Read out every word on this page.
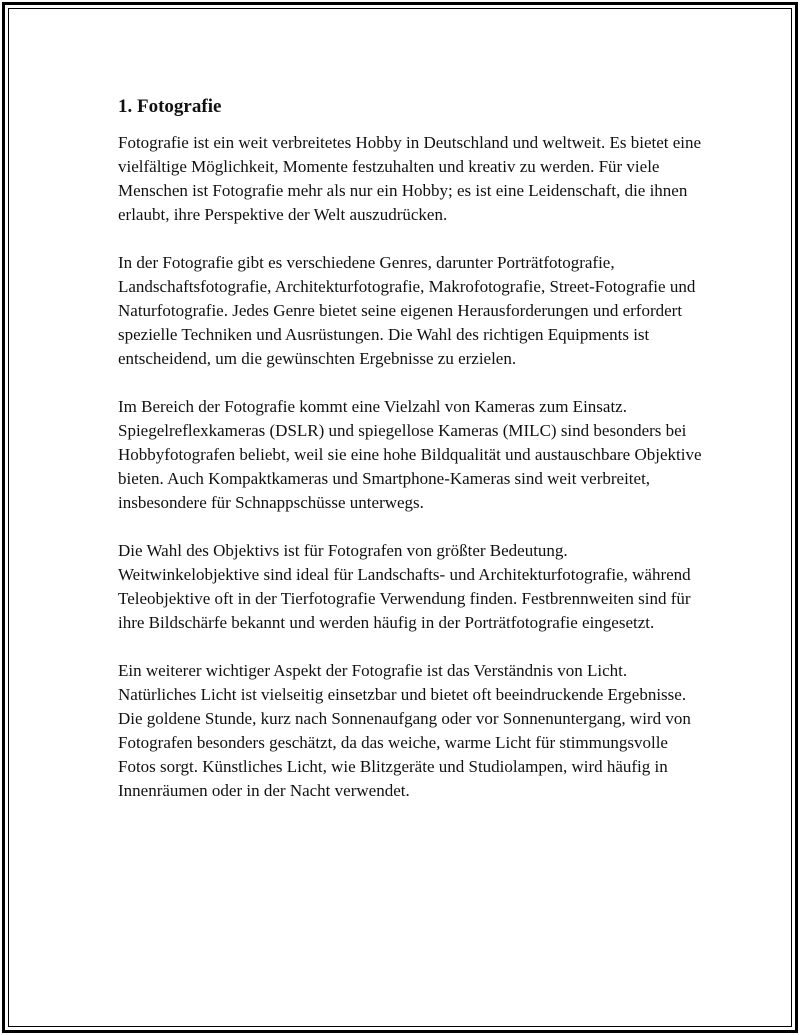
1. Fotografie

Fotografie ist ein weit verbreitetes Hobby in Deutschland und weltweit. Es bietet eine vielfältige Möglichkeit, Momente festzuhalten und kreativ zu werden. Für viele Menschen ist Fotografie mehr als nur ein Hobby; es ist eine Leidenschaft, die ihnen erlaubt, ihre Perspektive der Welt auszudrücken.

In der Fotografie gibt es verschiedene Genres, darunter Porträtfotografie, Landschaftsfotografie, Architekturfotografie, Makrofotografie, Street-Fotografie und Naturfotografie. Jedes Genre bietet seine eigenen Herausforderungen und erfordert spezielle Techniken und Ausrüstungen. Die Wahl des richtigen Equipments ist entscheidend, um die gewünschten Ergebnisse zu erzielen.

Im Bereich der Fotografie kommt eine Vielzahl von Kameras zum Einsatz. Spiegelreflexkameras (DSLR) und spiegellose Kameras (MILC) sind besonders bei Hobbyfotografen beliebt, weil sie eine hohe Bildqualität und austauschbare Objektive bieten. Auch Kompaktkameras und Smartphone-Kameras sind weit verbreitet, insbesondere für Schnappschüsse unterwegs.

Die Wahl des Objektivs ist für Fotografen von größter Bedeutung. Weitwinkelobjektive sind ideal für Landschafts- und Architekturfotografie, während Teleobjektive oft in der Tierfotografie Verwendung finden. Festbrennweiten sind für ihre Bildschärfe bekannt und werden häufig in der Porträtfotografie eingesetzt.

Ein weiterer wichtiger Aspekt der Fotografie ist das Verständnis von Licht. Natürliches Licht ist vielseitig einsetzbar und bietet oft beeindruckende Ergebnisse. Die goldene Stunde, kurz nach Sonnenaufgang oder vor Sonnenuntergang, wird von Fotografen besonders geschätzt, da das weiche, warme Licht für stimmungsvolle Fotos sorgt. Künstliches Licht, wie Blitzgeräte und Studiolampen, wird häufig in Innenräumen oder in der Nacht verwendet.
